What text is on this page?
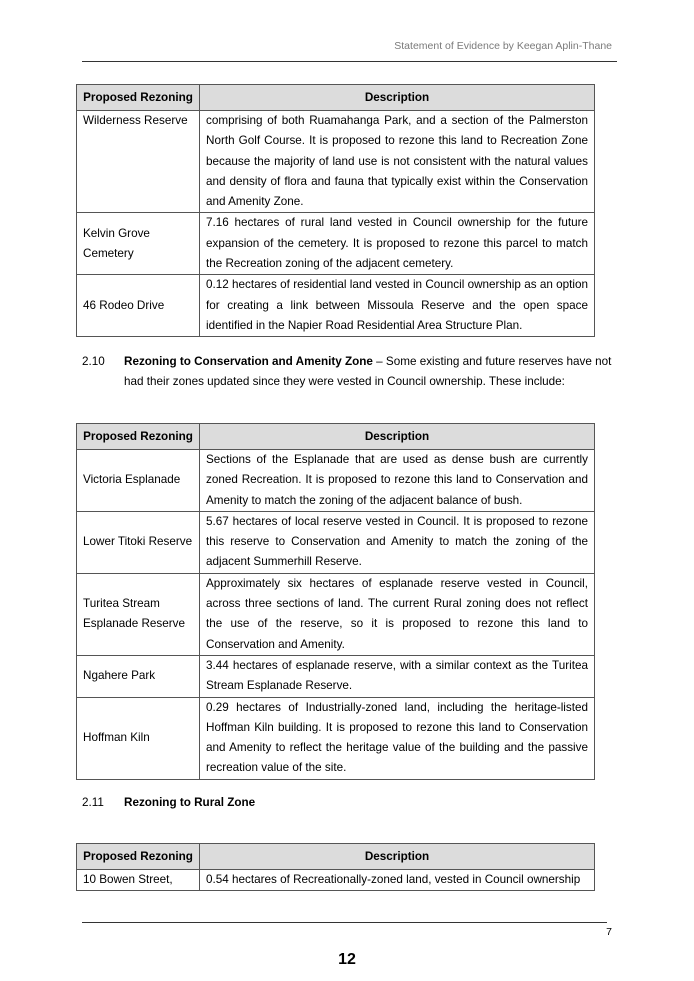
Statement of Evidence by Keegan Aplin-Thane
Proposed Rezoning	Description
Wilderness Reserve	comprising of both Ruamahanga Park, and a section of the Palmerston North Golf Course. It is proposed to rezone this land to Recreation Zone because the majority of land use is not consistent with the natural values and density of flora and fauna that typically exist within the Conservation and Amenity Zone.
Kelvin Grove Cemetery	7.16 hectares of rural land vested in Council ownership for the future expansion of the cemetery. It is proposed to rezone this parcel to match the Recreation zoning of the adjacent cemetery.
46 Rodeo Drive	0.12 hectares of residential land vested in Council ownership as an option for creating a link between Missoula Reserve and the open space identified in the Napier Road Residential Area Structure Plan.
2.10 Rezoning to Conservation and Amenity Zone – Some existing and future reserves have not had their zones updated since they were vested in Council ownership. These include:
Proposed Rezoning	Description
Victoria Esplanade	Sections of the Esplanade that are used as dense bush are currently zoned Recreation. It is proposed to rezone this land to Conservation and Amenity to match the zoning of the adjacent balance of bush.
Lower Titoki Reserve	5.67 hectares of local reserve vested in Council. It is proposed to rezone this reserve to Conservation and Amenity to match the zoning of the adjacent Summerhill Reserve.
Turitea Stream Esplanade Reserve	Approximately six hectares of esplanade reserve vested in Council, across three sections of land. The current Rural zoning does not reflect the use of the reserve, so it is proposed to rezone this land to Conservation and Amenity.
Ngahere Park	3.44 hectares of esplanade reserve, with a similar context as the Turitea Stream Esplanade Reserve.
Hoffman Kiln	0.29 hectares of Industrially-zoned land, including the heritage-listed Hoffman Kiln building. It is proposed to rezone this land to Conservation and Amenity to reflect the heritage value of the building and the passive recreation value of the site.
2.11 Rezoning to Rural Zone
Proposed Rezoning	Description
10 Bowen Street,	0.54 hectares of Recreationally-zoned land, vested in Council ownership
7
12
